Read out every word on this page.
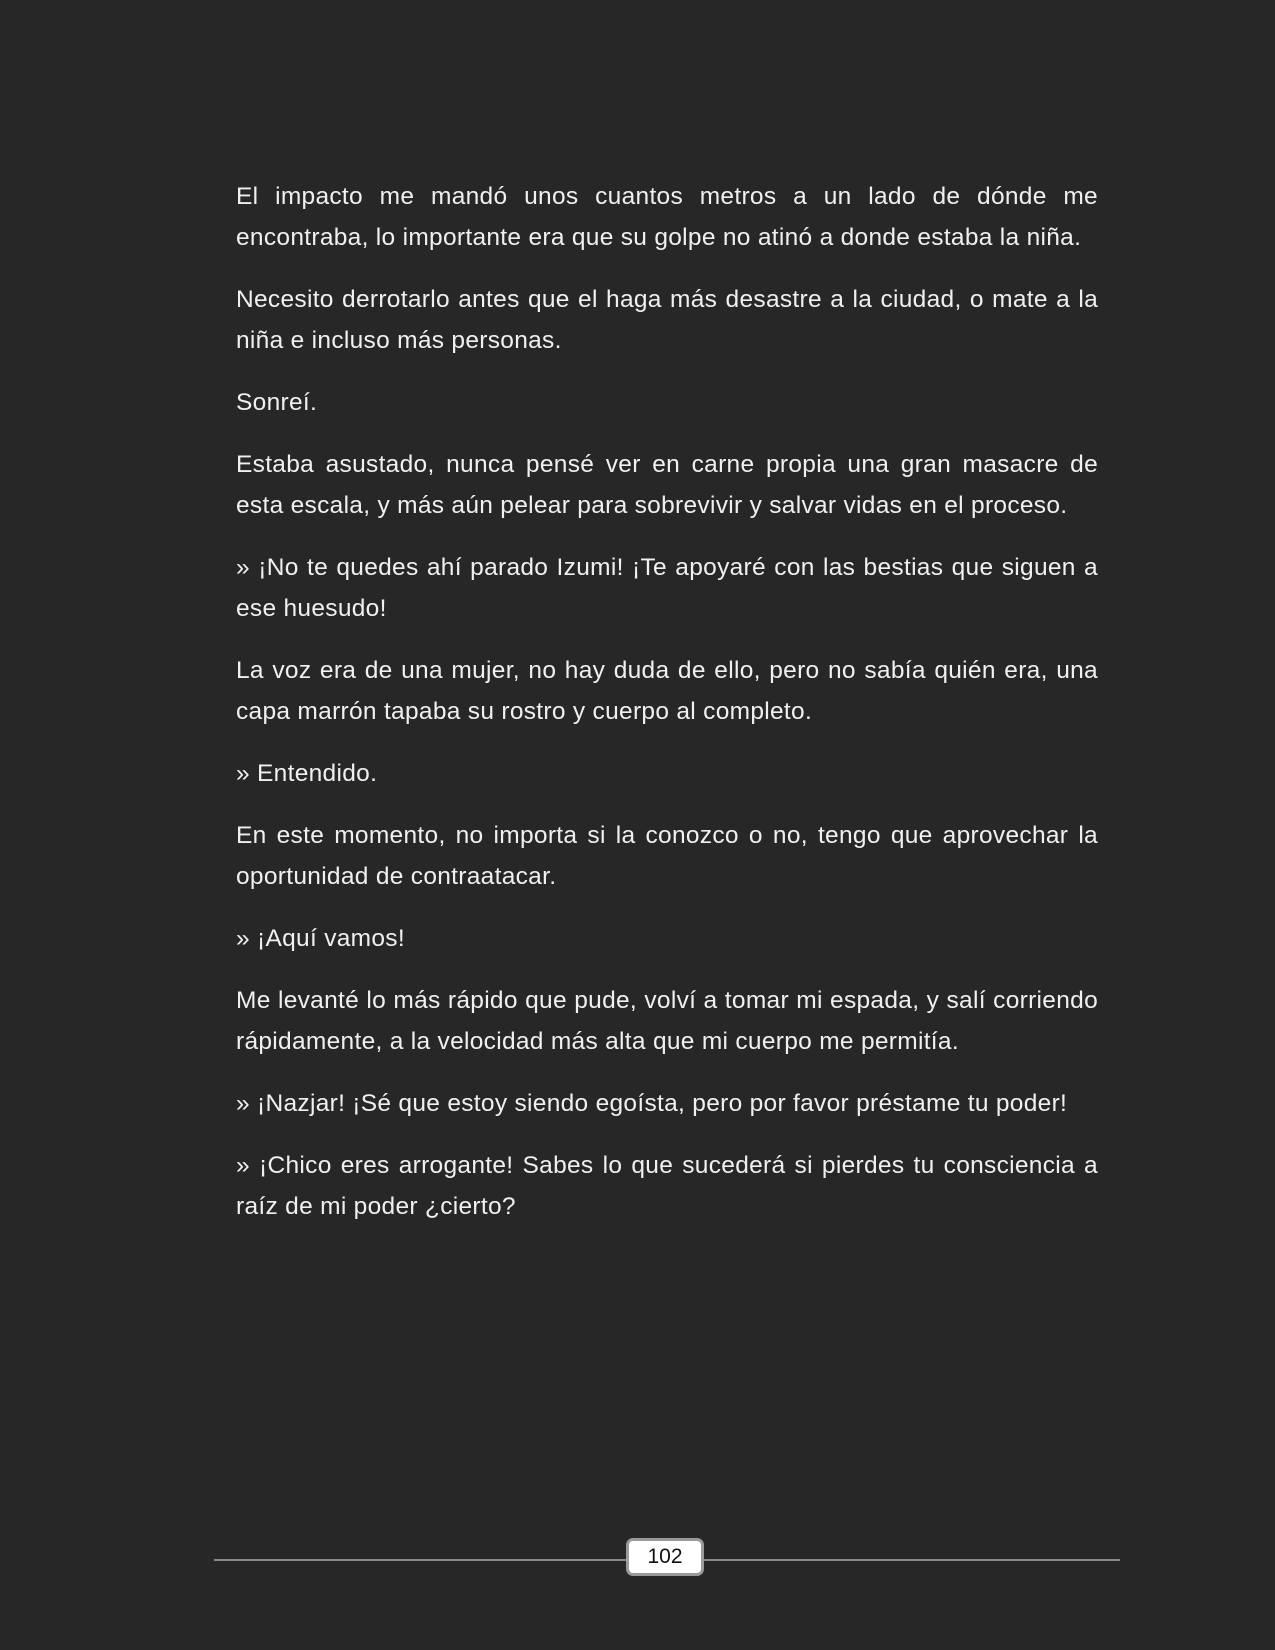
El impacto me mandó unos cuantos metros a un lado de dónde me encontraba, lo importante era que su golpe no atinó a donde estaba la niña.

Necesito derrotarlo antes que el haga más desastre a la ciudad, o mate a la niña e incluso más personas.

Sonreí.

Estaba asustado, nunca pensé ver en carne propia una gran masacre de esta escala, y más aún pelear para sobrevivir y salvar vidas en el proceso.

» ¡No te quedes ahí parado Izumi! ¡Te apoyaré con las bestias que siguen a ese huesudo!

La voz era de una mujer, no hay duda de ello, pero no sabía quién era, una capa marrón tapaba su rostro y cuerpo al completo.

» Entendido.

En este momento, no importa si la conozco o no, tengo que aprovechar la oportunidad de contraatacar.

» ¡Aquí vamos!

Me levanté lo más rápido que pude, volví a tomar mi espada, y salí corriendo rápidamente, a la velocidad más alta que mi cuerpo me permitía.

» ¡Nazjar! ¡Sé que estoy siendo egoísta, pero por favor préstame tu poder!

» ¡Chico eres arrogante! Sabes lo que sucederá si pierdes tu consciencia a raíz de mi poder ¿cierto?

102
